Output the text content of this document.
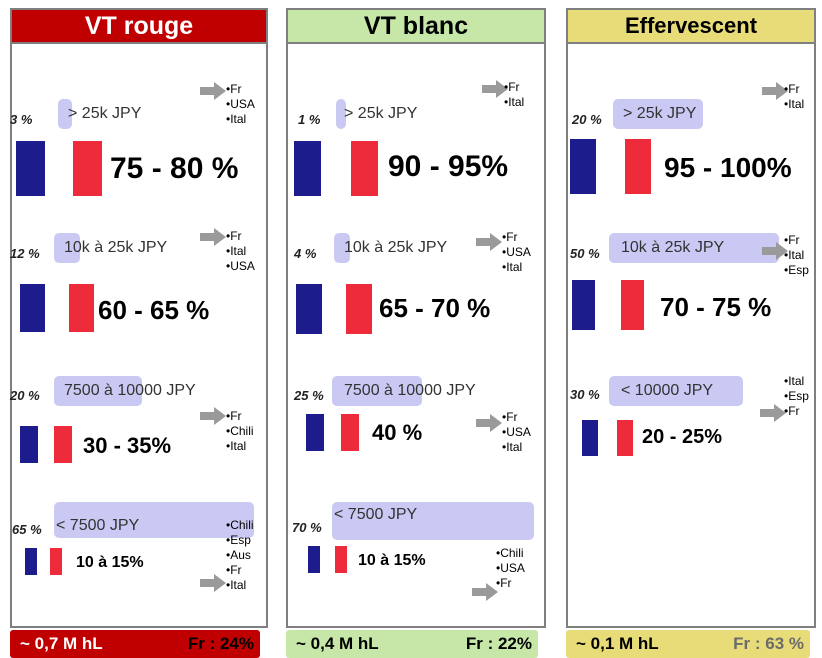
VT rouge
3 % > 25k JPY
75 - 80 %
•Fr
•USA
•Ital
12 % 10k à 25k JPY
60 - 65 %
•Fr
•Ital
•USA
20 % 7500 à 10000 JPY
30 - 35%
•Fr
•Chili
•Ital
65 % < 7500 JPY
10 à 15%
•Chili
•Esp
•Aus
•Fr
•Ital
~ 0,7 M hL	Fr : 24%
VT blanc
1 % > 25k JPY
90 - 95%
•Fr
•Ital
4 % 10k à 25k JPY
65 - 70 %
•Fr
•USA
•Ital
25 % 7500 à 10000 JPY
40 %
•Fr
•USA
•Ital
70 %
< 7500 JPY
10 à 15%	•Chili
•USA
•Fr
~ 0,4 M hL	Fr : 22%
Effervescent
20 % > 25k JPY
95 - 100%
•Fr
•Ital
50 % 10k à 25k JPY
70 - 75 %
•Fr
•Ital
•Esp
30 % < 10000 JPY
20 - 25%
•Ital
•Esp
•Fr
~ 0,1 M hL	Fr : 63 %
